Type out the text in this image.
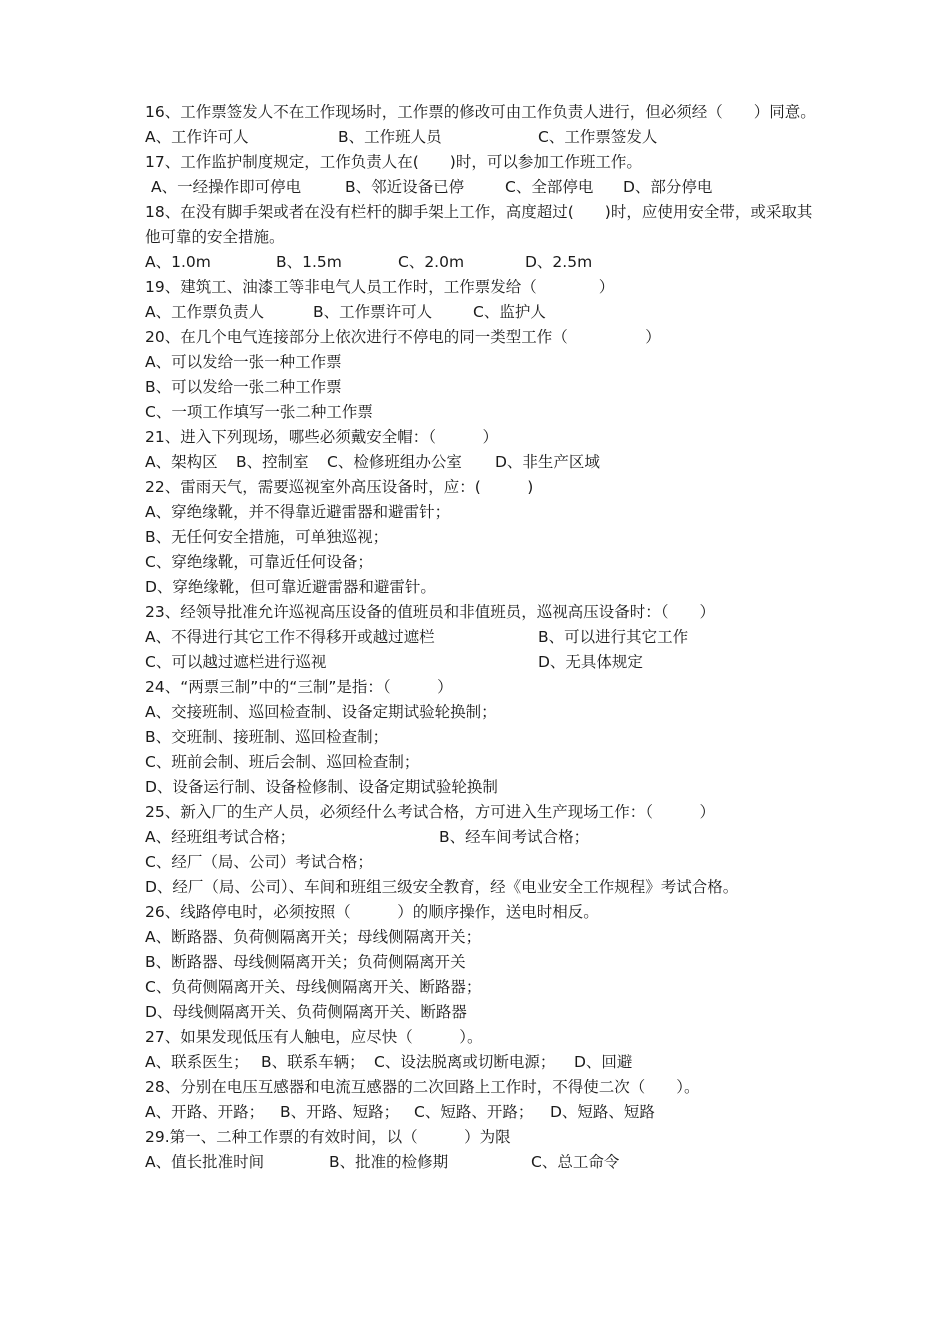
16、工作票签发人不在工作现场时，工作票的修改可由工作负责人进行，但必须经（　　）同意。
A、工作许可人	B、工作班人员	C、工作票签发人
17、工作监护制度规定，工作负责人在(　　)时，可以参加工作班工作。
A、一经操作即可停电	B、邻近设备已停	C、全部停电 D、部分停电
18、在没有脚手架或者在没有栏杆的脚手架上工作，高度超过(　　)时，应使用安全带，或采取其他可靠的安全措施。
A、1.0m	B、1.5m	C、2.0m	D、2.5m
19、建筑工、油漆工等非电气人员工作时，工作票发给（　　　　）
A、工作票负责人	B、工作票许可人	C、监护人
20、在几个电气连接部分上依次进行不停电的同一类型工作（　　　　　）
A、可以发给一张一种工作票
B、可以发给一张二种工作票
C、一项工作填写一张二种工作票
21、进入下列现场，哪些必须戴安全帽：（　　　）
A、架构区 B、控制室 C、检修班组办公室 D、非生产区域
22、雷雨天气，需要巡视室外高压设备时，应：(　　　)
A、穿绝缘靴，并不得靠近避雷器和避雷针；
B、无任何安全措施，可单独巡视；
C、穿绝缘靴，可靠近任何设备；
D、穿绝缘靴，但可靠近避雷器和避雷针。
23、经领导批准允许巡视高压设备的值班员和非值班员，巡视高压设备时：（　　）
A、不得进行其它工作不得移开或越过遮栏	B、可以进行其它工作
C、可以越过遮栏进行巡视	D、无具体规定
24、“两票三制”中的“三制”是指：（　　　）
A、交接班制、巡回检查制、设备定期试验轮换制；
B、交班制、接班制、巡回检查制；
C、班前会制、班后会制、巡回检查制；
D、设备运行制、设备检修制、设备定期试验轮换制
25、新入厂的生产人员，必须经什么考试合格，方可进入生产现场工作：（　　　）
A、经班组考试合格；	B、经车间考试合格；
C、经厂（局、公司）考试合格；
D、经厂（局、公司）、车间和班组三级安全教育，经《电业安全工作规程》考试合格。
26、线路停电时，必须按照（　　　）的顺序操作，送电时相反。
A、断路器、负荷侧隔离开关；母线侧隔离开关；
B、断路器、母线侧隔离开关；负荷侧隔离开关
C、负荷侧隔离开关、母线侧隔离开关、断路器；
D、母线侧隔离开关、负荷侧隔离开关、断路器
27、如果发现低压有人触电，应尽快（　　　）。
A、联系医生； B、联系车辆； C、设法脱离或切断电源； D、回避
28、分别在电压互感器和电流互感器的二次回路上工作时，不得使二次（　　）。
A、开路、开路； B、开路、短路； C、短路、开路； D、短路、短路
29.第一、二种工作票的有效时间，以（　　　）为限
A、值长批准时间	B、批准的检修期	C、总工命令
